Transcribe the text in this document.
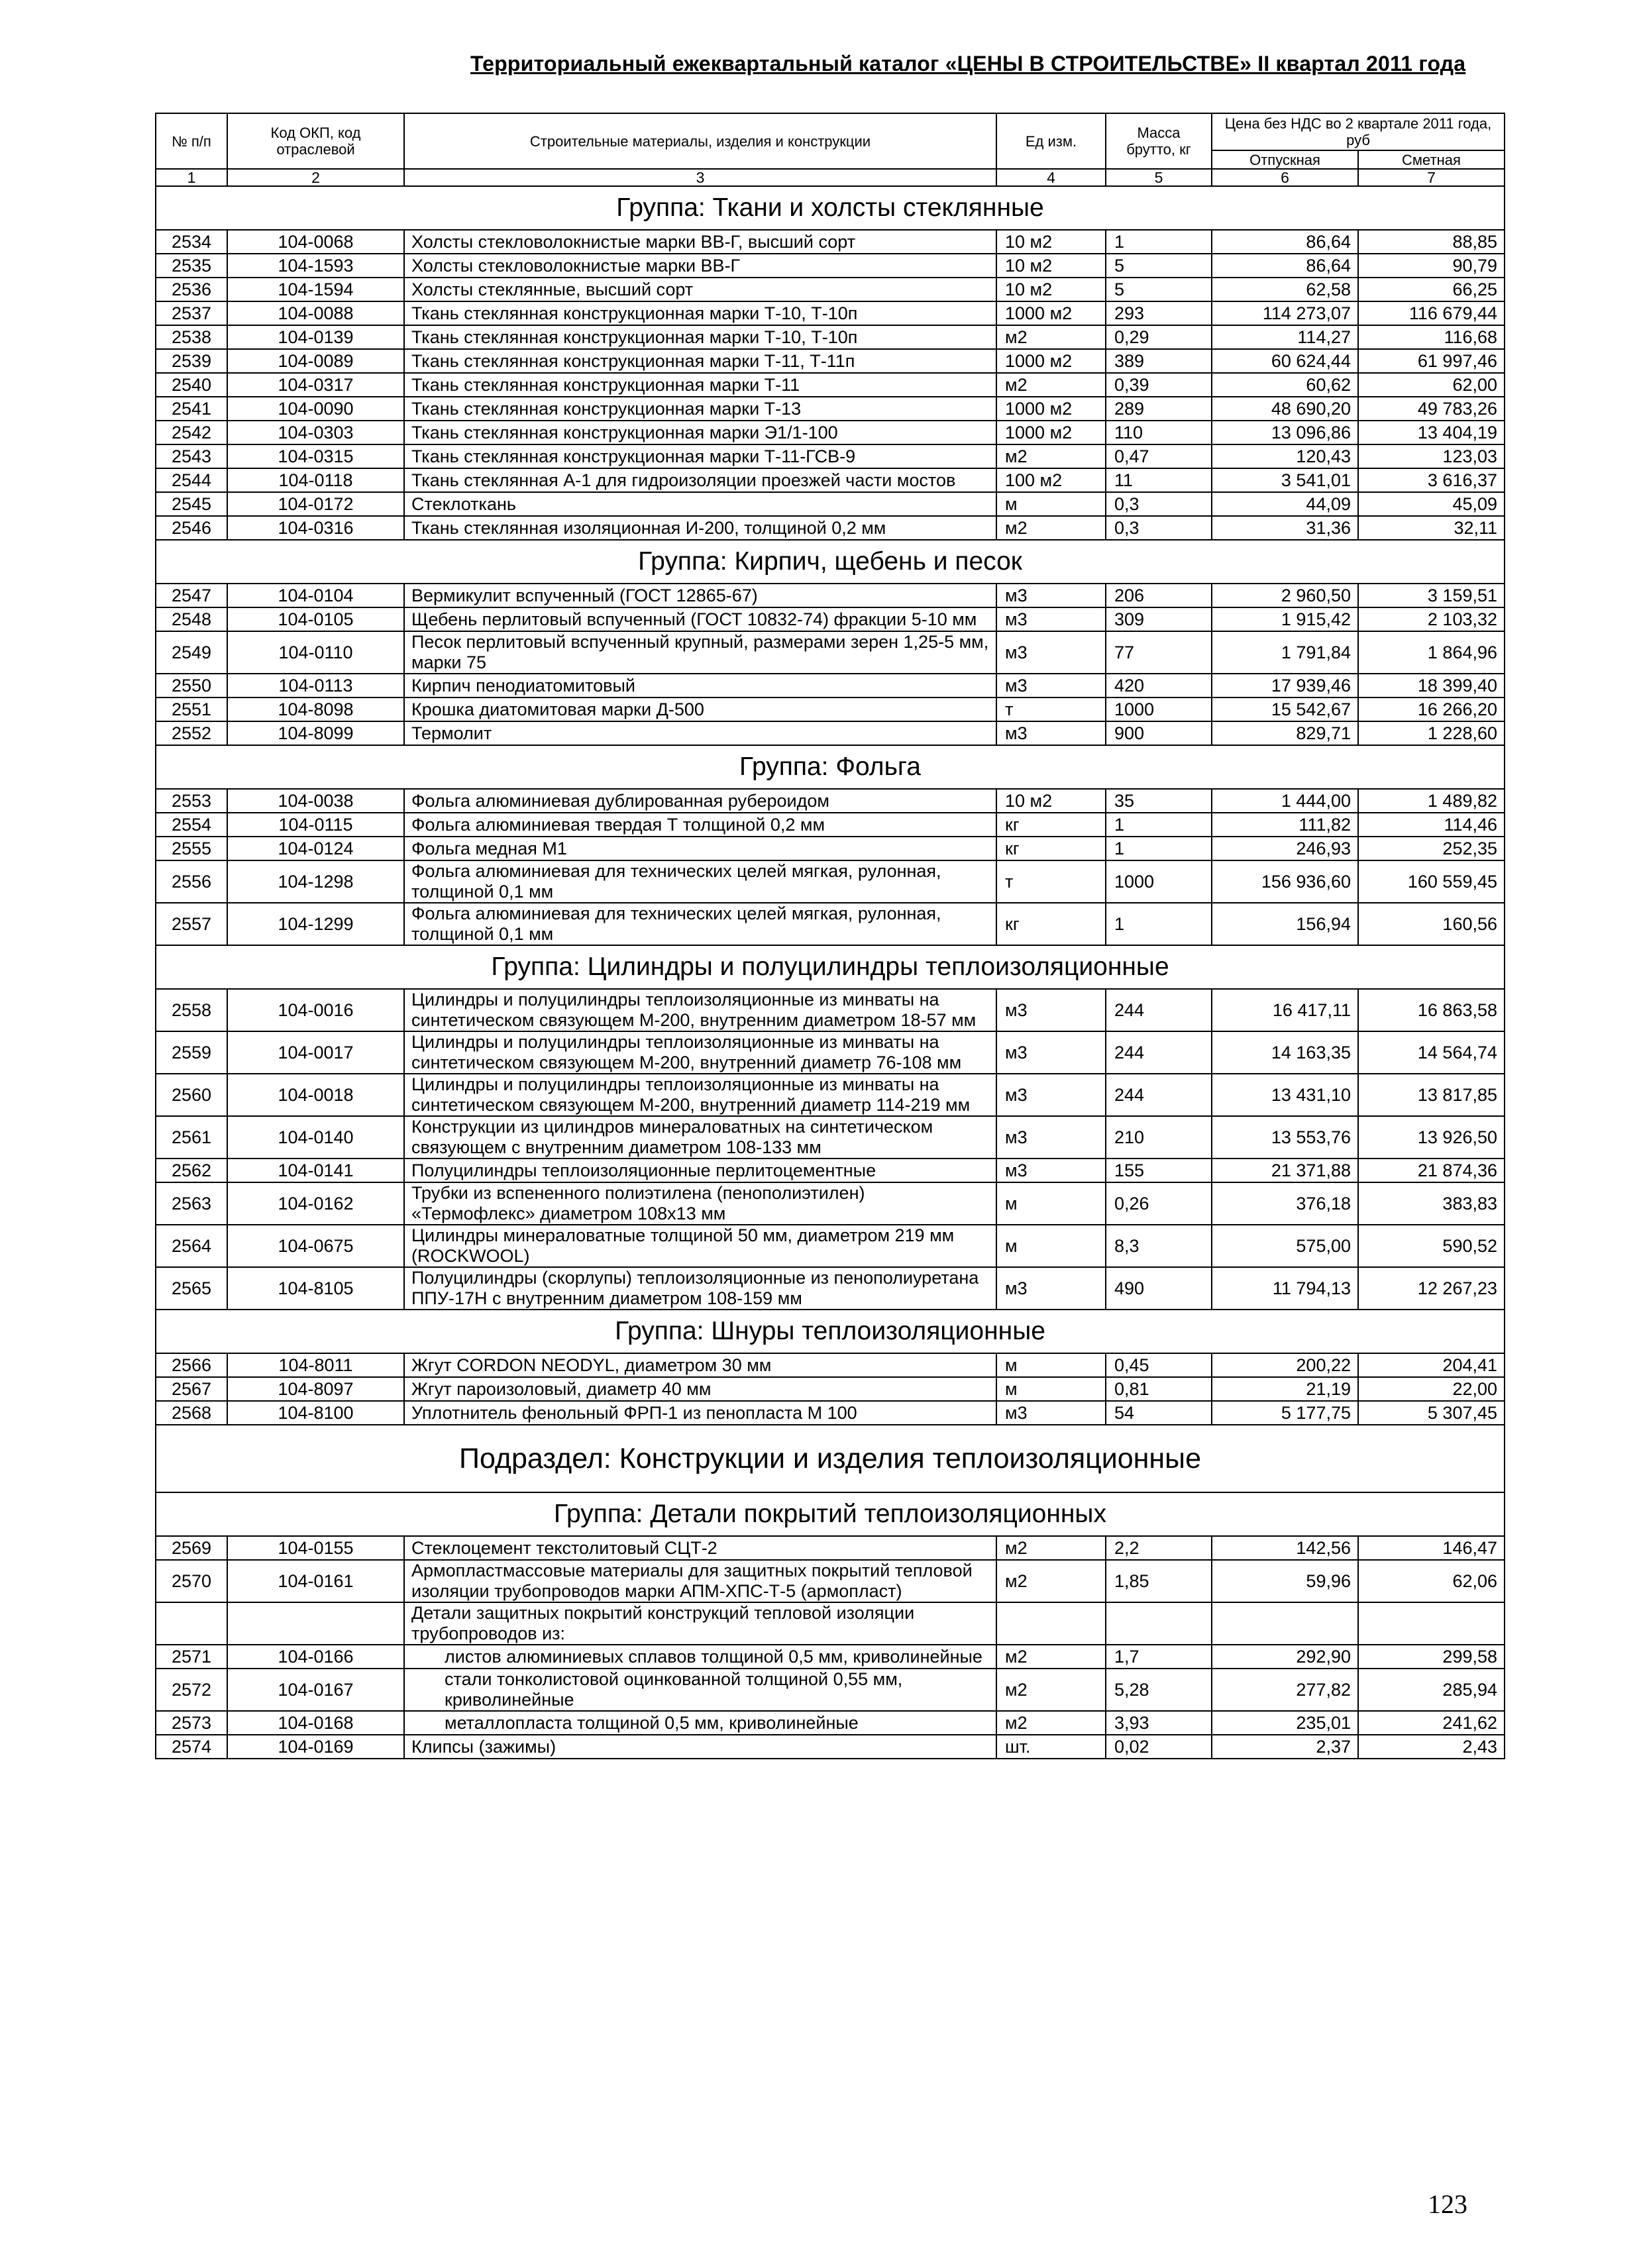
Территориальный ежеквартальный каталог «ЦЕНЫ В СТРОИТЕЛЬСТВЕ» II квартал 2011 года
№ п/п	Код ОКП, код отраслевой	Строительные материалы, изделия и конструкции	Ед изм.	Масса брутто, кг	Цена без НДС во 2 квартале 2011 года, руб	
					Отпускная	Сметная
1	2	3	4	5	6	7
Группа: Ткани и холсты стеклянные						
2534	104-0068	Холсты стекловолокнистые марки ВВ-Г, высший сорт	10 м2	1	86,64	88,85
2535	104-1593	Холсты стекловолокнистые марки ВВ-Г	10 м2	5	86,64	90,79
2536	104-1594	Холсты стеклянные, высший сорт	10 м2	5	62,58	66,25
2537	104-0088	Ткань стеклянная конструкционная марки Т-10, Т-10п	1000 м2	293	114 273,07	116 679,44
2538	104-0139	Ткань стеклянная конструкционная марки Т-10, Т-10п	м2	0,29	114,27	116,68
2539	104-0089	Ткань стеклянная конструкционная марки Т-11, Т-11п	1000 м2	389	60 624,44	61 997,46
2540	104-0317	Ткань стеклянная конструкционная марки Т-11	м2	0,39	60,62	62,00
2541	104-0090	Ткань стеклянная конструкционная марки Т-13	1000 м2	289	48 690,20	49 783,26
2542	104-0303	Ткань стеклянная конструкционная марки Э1/1-100	1000 м2	110	13 096,86	13 404,19
2543	104-0315	Ткань стеклянная конструкционная марки Т-11-ГСВ-9	м2	0,47	120,43	123,03
2544	104-0118	Ткань стеклянная А-1 для гидроизоляции проезжей части мостов	100 м2	11	3 541,01	3 616,37
2545	104-0172	Стеклоткань	м	0,3	44,09	45,09
2546	104-0316	Ткань стеклянная изоляционная И-200, толщиной 0,2 мм	м2	0,3	31,36	32,11
Группа: Кирпич, щебень и песок						
2547	104-0104	Вермикулит вспученный (ГОСТ 12865-67)	м3	206	2 960,50	3 159,51
2548	104-0105	Щебень перлитовый вспученный (ГОСТ 10832-74) фракции 5-10 мм	м3	309	1 915,42	2 103,32
2549	104-0110	Песок перлитовый вспученный крупный, размерами зерен 1,25-5 мм, марки 75	м3	77	1 791,84	1 864,96
2550	104-0113	Кирпич пенодиатомитовый	м3	420	17 939,46	18 399,40
2551	104-8098	Крошка диатомитовая марки Д-500	т	1000	15 542,67	16 266,20
2552	104-8099	Термолит	м3	900	829,71	1 228,60
Группа: Фольга						
2553	104-0038	Фольга алюминиевая дублированная рубероидом	10 м2	35	1 444,00	1 489,82
2554	104-0115	Фольга алюминиевая твердая Т толщиной 0,2 мм	кг	1	111,82	114,46
2555	104-0124	Фольга медная М1	кг	1	246,93	252,35
2556	104-1298	Фольга алюминиевая для технических целей мягкая, рулонная, толщиной 0,1 мм	т	1000	156 936,60	160 559,45
2557	104-1299	Фольга алюминиевая для технических целей мягкая, рулонная, толщиной 0,1 мм	кг	1	156,94	160,56
Группа: Цилиндры и полуцилиндры теплоизоляционные						
2558	104-0016	Цилиндры и полуцилиндры теплоизоляционные из минваты на синтетическом связующем М-200, внутренним диаметром 18-57 мм	м3	244	16 417,11	16 863,58
2559	104-0017	Цилиндры и полуцилиндры теплоизоляционные из минваты на синтетическом связующем М-200, внутренний диаметр 76-108 мм	м3	244	14 163,35	14 564,74
2560	104-0018	Цилиндры и полуцилиндры теплоизоляционные из минваты на синтетическом связующем М-200, внутренний диаметр 114-219 мм	м3	244	13 431,10	13 817,85
2561	104-0140	Конструкции из цилиндров минераловатных на синтетическом связующем с внутренним диаметром 108-133 мм	м3	210	13 553,76	13 926,50
2562	104-0141	Полуцилиндры теплоизоляционные перлитоцементные	м3	155	21 371,88	21 874,36
2563	104-0162	Трубки из вспененного полиэтилена (пенополиэтилен) «Термофлекс» диаметром 108х13 мм	м	0,26	376,18	383,83
2564	104-0675	Цилиндры минераловатные толщиной 50 мм, диаметром 219 мм (ROCKWOOL)	м	8,3	575,00	590,52
2565	104-8105	Полуцилиндры (скорлупы) теплоизоляционные из пенополиуретана ППУ-17Н с внутренним диаметром 108-159 мм	м3	490	11 794,13	12 267,23
Группа: Шнуры теплоизоляционные						
2566	104-8011	Жгут CORDON NEODYL, диаметром 30 мм	м	0,45	200,22	204,41
2567	104-8097	Жгут пароизоловый, диаметр 40 мм	м	0,81	21,19	22,00
2568	104-8100	Уплотнитель фенольный ФРП-1 из пенопласта М 100	м3	54	5 177,75	5 307,45
Подраздел: Конструкции и изделия теплоизоляционные						
Группа: Детали покрытий теплоизоляционных						
2569	104-0155	Стеклоцемент текстолитовый СЦТ-2	м2	2,2	142,56	146,47
2570	104-0161	Армопластмассовые материалы для защитных покрытий тепловой изоляции трубопроводов марки АПМ-ХПС-Т-5 (армопласт)	м2	1,85	59,96	62,06
		Детали защитных покрытий конструкций тепловой изоляции трубопроводов из:				
2571	104-0166	листов алюминиевых сплавов толщиной 0,5 мм, криволинейные	м2	1,7	292,90	299,58
2572	104-0167	стали тонколистовой оцинкованной толщиной 0,55 мм, криволинейные	м2	5,28	277,82	285,94
2573	104-0168	металлопласта толщиной 0,5 мм, криволинейные	м2	3,93	235,01	241,62
2574	104-0169	Клипсы (зажимы)	шт.	0,02	2,37	2,43
123
